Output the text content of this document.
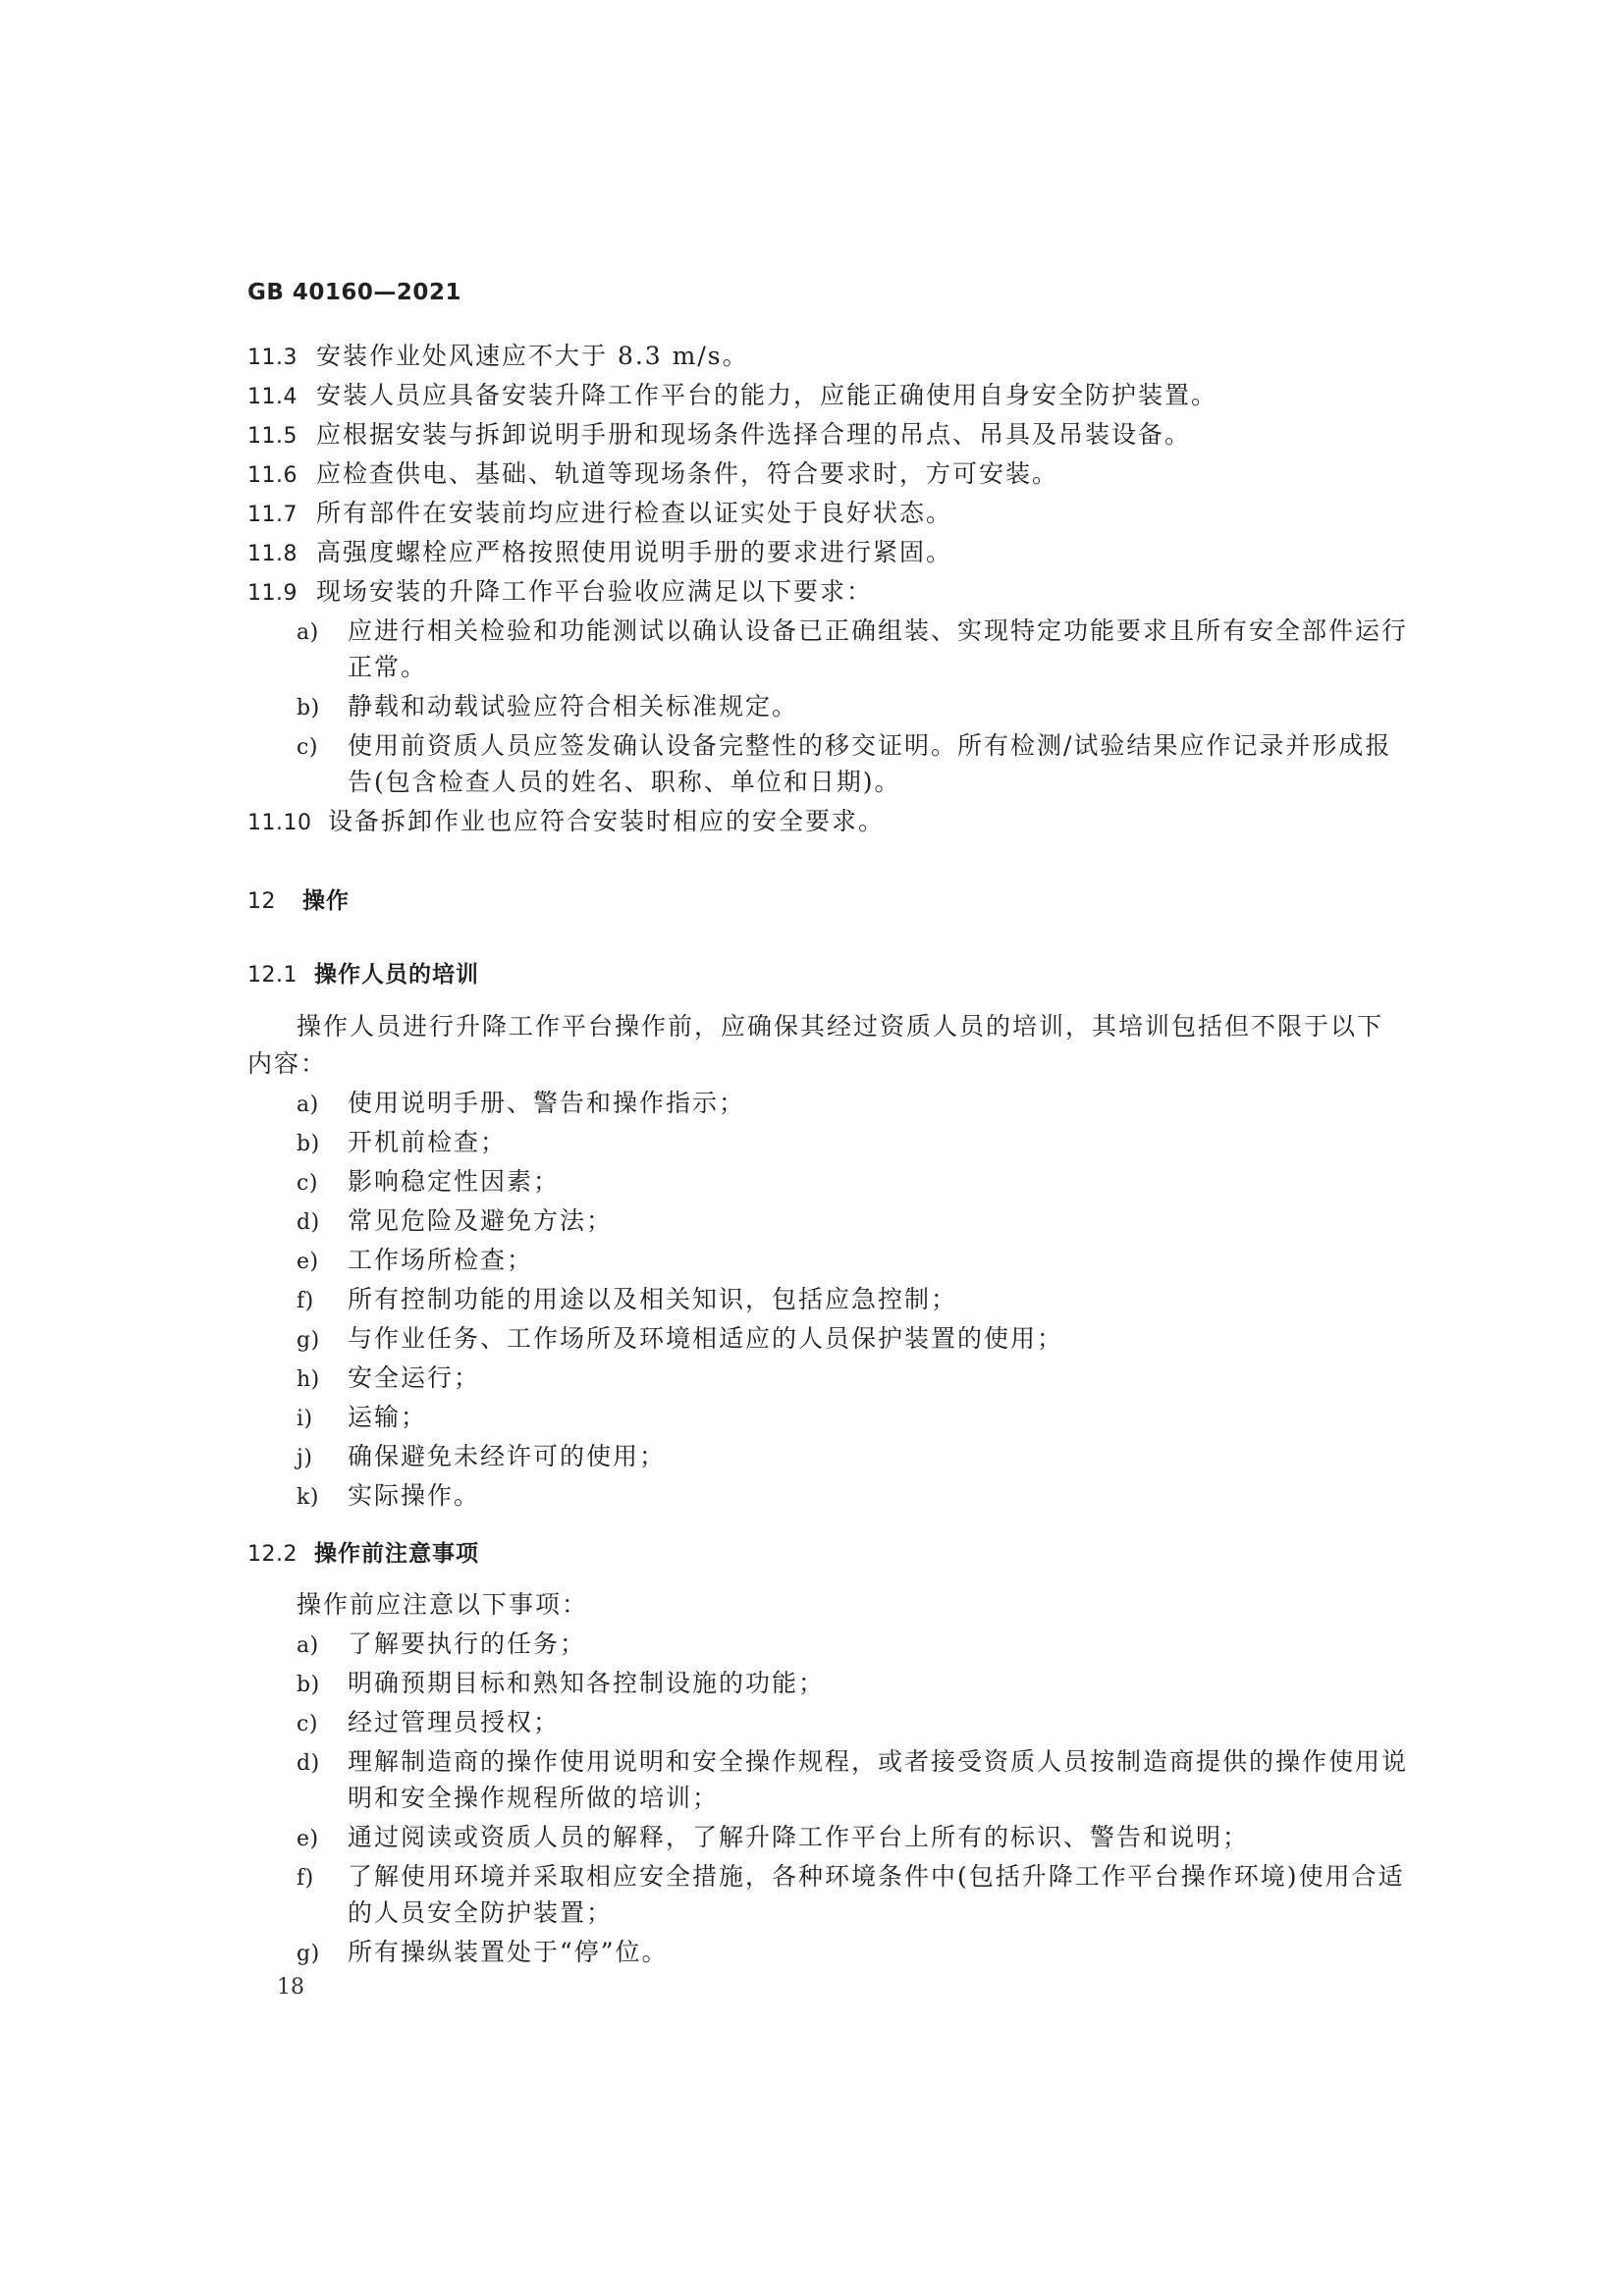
GB 40160—2021
11.3 安装作业处风速应不大于 8.3 m/s。
11.4 安装人员应具备安装升降工作平台的能力，应能正确使用自身安全防护装置。
11.5 应根据安装与拆卸说明手册和现场条件选择合理的吊点、吊具及吊装设备。
11.6 应检查供电、基础、轨道等现场条件，符合要求时，方可安装。
11.7 所有部件在安装前均应进行检查以证实处于良好状态。
11.8 高强度螺栓应严格按照使用说明手册的要求进行紧固。
11.9 现场安装的升降工作平台验收应满足以下要求：
a) 应进行相关检验和功能测试以确认设备已正确组装、实现特定功能要求且所有安全部件运行
正常。
b) 静载和动载试验应符合相关标准规定。
c) 使用前资质人员应签发确认设备完整性的移交证明。所有检测/试验结果应作记录并形成报
告(包含检查人员的姓名、职称、单位和日期)。
11.10 设备拆卸作业也应符合安装时相应的安全要求。
12 操作
12.1 操作人员的培训
操作人员进行升降工作平台操作前，应确保其经过资质人员的培训，其培训包括但不限于以下
内容：
a) 使用说明手册、警告和操作指示；
b) 开机前检查；
c) 影响稳定性因素；
d) 常见危险及避免方法；
e) 工作场所检查；
f) 所有控制功能的用途以及相关知识，包括应急控制；
g) 与作业任务、工作场所及环境相适应的人员保护装置的使用；
h) 安全运行；
i) 运输；
j) 确保避免未经许可的使用；
k) 实际操作。
12.2 操作前注意事项
操作前应注意以下事项：
a) 了解要执行的任务；
b) 明确预期目标和熟知各控制设施的功能；
c) 经过管理员授权；
d) 理解制造商的操作使用说明和安全操作规程，或者接受资质人员按制造商提供的操作使用说
明和安全操作规程所做的培训；
e) 通过阅读或资质人员的解释，了解升降工作平台上所有的标识、警告和说明；
f) 了解使用环境并采取相应安全措施，各种环境条件中(包括升降工作平台操作环境)使用合适
的人员安全防护装置；
g) 所有操纵装置处于“停”位。
18
